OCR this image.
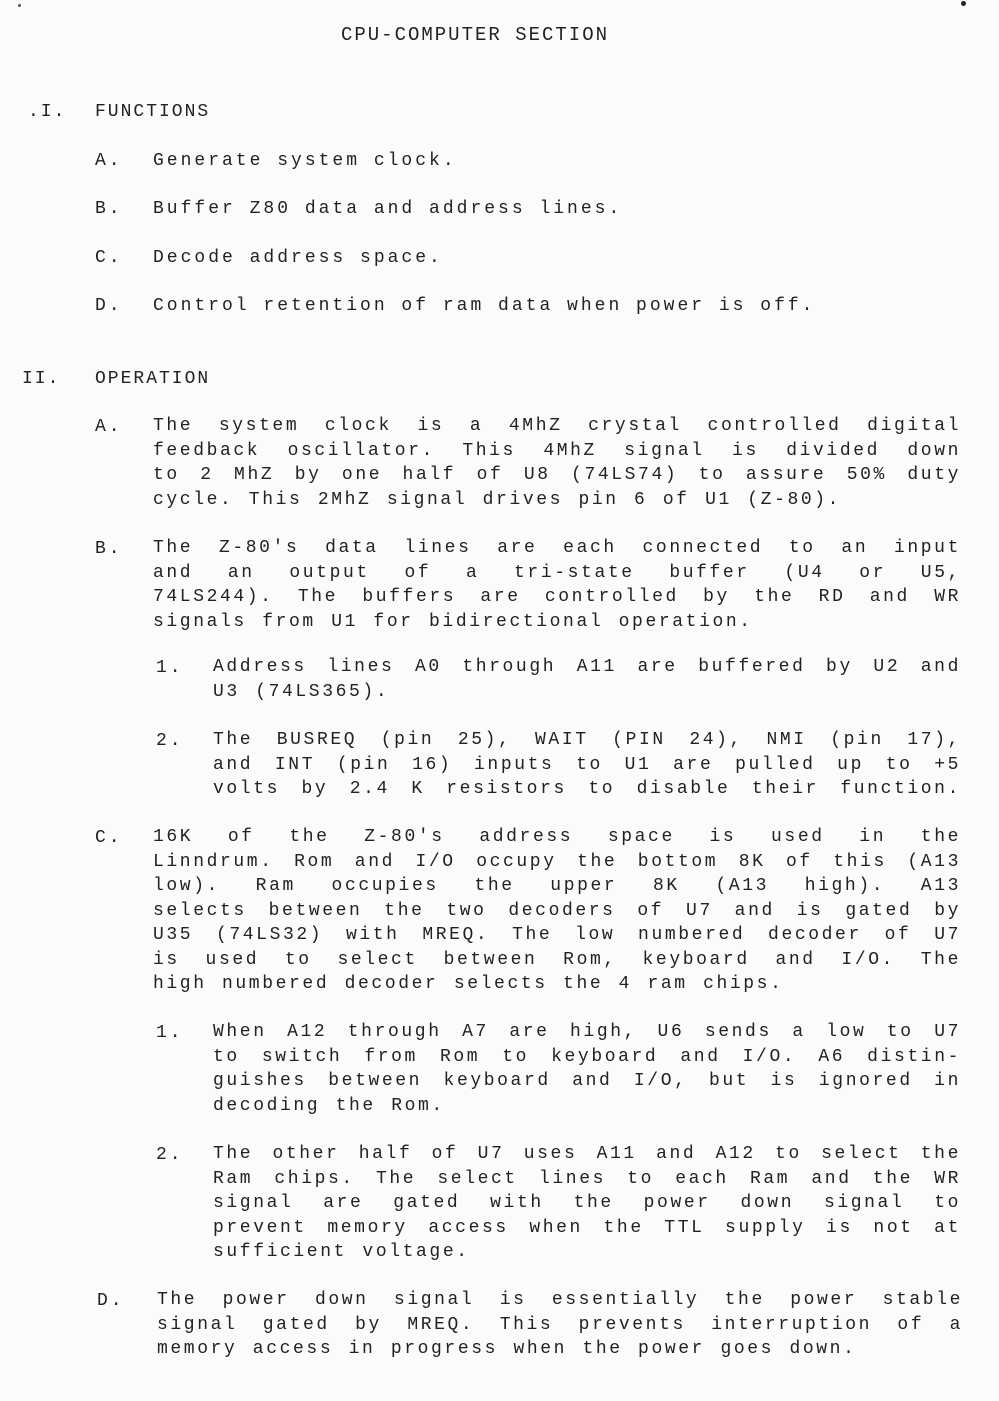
CPU-COMPUTER SECTION
.I. FUNCTIONS
A. Generate system clock.
B. Buffer Z80 data and address lines.
C. Decode address space.
D. Control retention of ram data when power is off.
II. OPERATION
A. The system clock is a 4MhZ crystal controlled digital
feedback oscillator. This 4MhZ signal is divided down
to 2 MhZ by one half of U8 (74LS74) to assure 50% duty
cycle. This 2MhZ signal drives pin 6 of U1 (Z-80).
B. The Z-80's data lines are each connected to an input
and an output of a tri-state buffer (U4 or U5,
74LS244). The buffers are controlled by the RD and WR
signals from U1 for bidirectional operation.
1. Address lines A0 through A11 are buffered by U2 and
U3 (74LS365).
2. The BUSREQ (pin 25), WAIT (PIN 24), NMI (pin 17),
and INT (pin 16) inputs to U1 are pulled up to +5
volts by 2.4 K resistors to disable their function.
C. 16K of the Z-80's address space is used in the
Linndrum. Rom and I/O occupy the bottom 8K of this (A13
low). Ram occupies the upper 8K (A13 high). A13
selects between the two decoders of U7 and is gated by
U35 (74LS32) with MREQ. The low numbered decoder of U7
is used to select between Rom, keyboard and I/O. The
high numbered decoder selects the 4 ram chips.
1. When A12 through A7 are high, U6 sends a low to U7
to switch from Rom to keyboard and I/O. A6 distin-
guishes between keyboard and I/O, but is ignored in
decoding the Rom.
2. The other half of U7 uses A11 and A12 to select the
Ram chips. The select lines to each Ram and the WR
signal are gated with the power down signal to
prevent memory access when the TTL supply is not at
sufficient voltage.
D. The power down signal is essentially the power stable
signal gated by MREQ. This prevents interruption of a
memory access in progress when the power goes down.
